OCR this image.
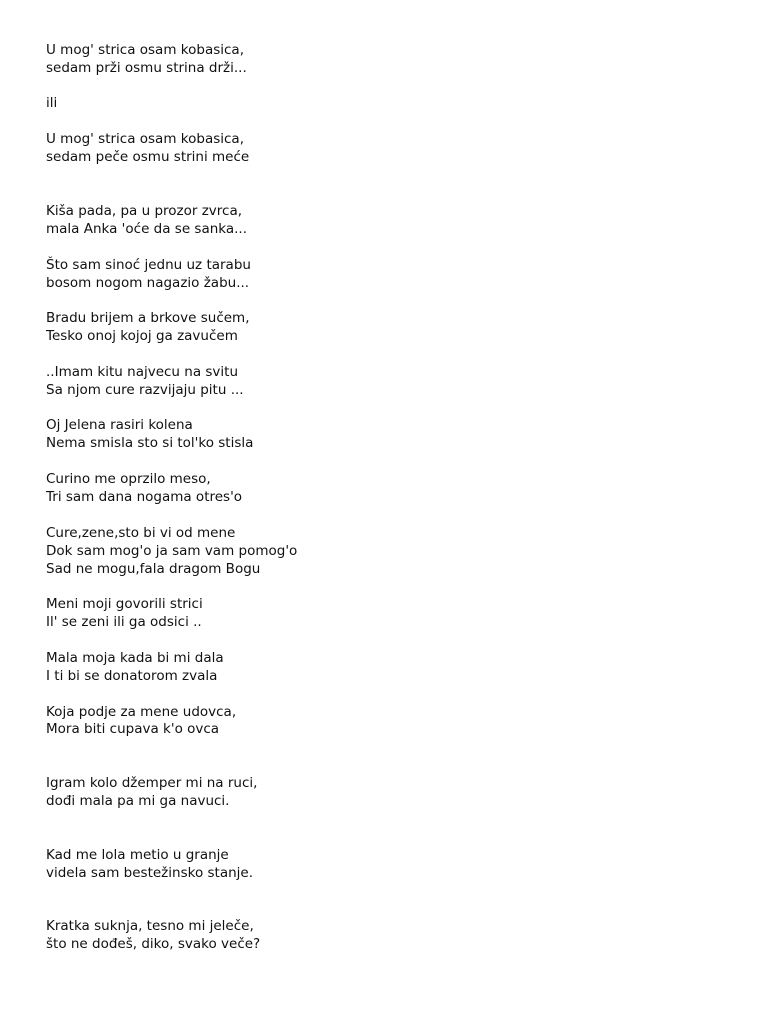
U mog' strica osam kobasica,

sedam prži osmu strina drži...

ili

U mog' strica osam kobasica,

sedam peče osmu strini meće

Kiša pada, pa u prozor zvrca,

mala Anka 'oće da se sanka...

Što sam sinoć jednu uz tarabu

bosom nogom nagazio žabu...

Bradu brijem a brkove sučem,

Tesko onoj kojoj ga zavučem

..Imam kitu najvecu na svitu

Sa njom cure razvijaju pitu ...

Oj Jelena rasiri kolena

Nema smisla sto si tol'ko stisla

Curino me oprzilo meso,

Tri sam dana nogama otres'o

Cure,zene,sto bi vi od mene

Dok sam mog'o ja sam vam pomog'o

Sad ne mogu,fala dragom Bogu

Meni moji govorili strici

Il' se zeni ili ga odsici ..

Mala moja kada bi mi dala

I ti bi se donatorom zvala

Koja podje za mene udovca,

Mora biti cupava k'o ovca

Igram kolo džemper mi na ruci,

dođi mala pa mi ga navuci.

Kad me lola metio u granje

videla sam bestežinsko stanje.

Kratka suknja, tesno mi jeleče,

što ne dođeš, diko, svako veče?
